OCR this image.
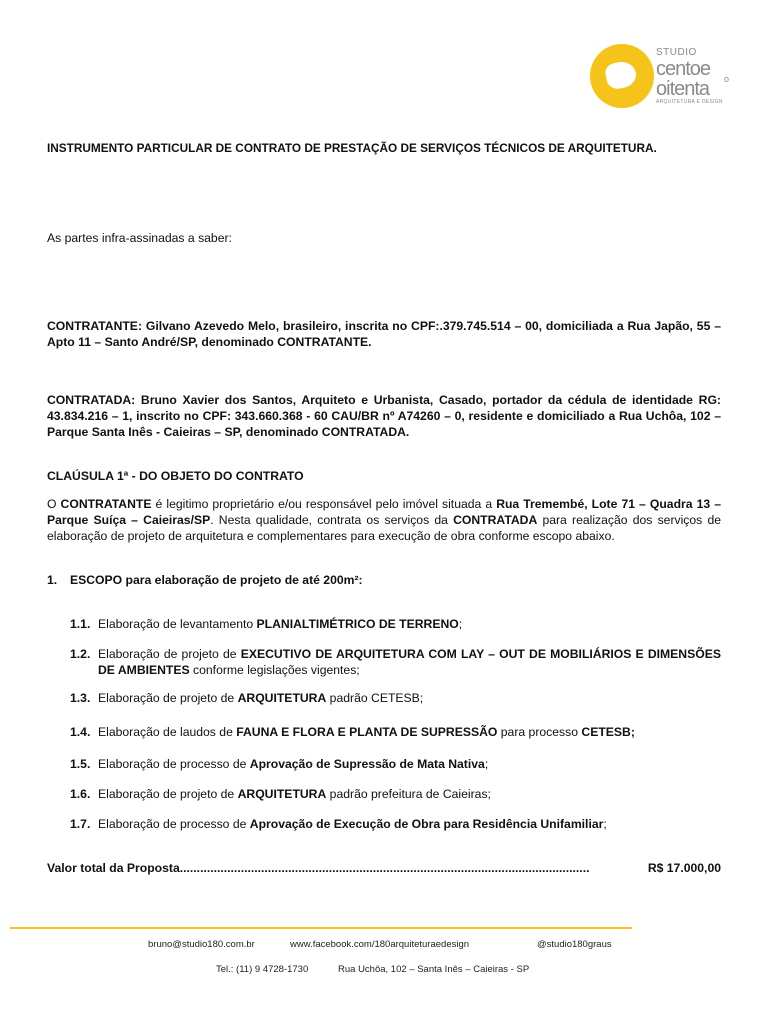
STUDIO
centoe
oitenta
ARQUITETURA E DESIGN
o
INSTRUMENTO PARTICULAR DE CONTRATO DE PRESTAÇÃO DE SERVIÇOS TÉCNICOS DE ARQUITETURA.
As partes infra-assinadas a saber:

CONTRATANTE: Gilvano Azevedo Melo, brasileiro, inscrita no CPF:.379.745.514 – 00, domiciliada a Rua Japão, 55 – Apto 11 – Santo André/SP, denominado CONTRATANTE.

CONTRATADA: Bruno Xavier dos Santos, Arquiteto e Urbanista, Casado, portador da cédula de identidade RG: 43.834.216 – 1, inscrito no CPF: 343.660.368 - 60 CAU/BR nº A74260 – 0, residente e domiciliado a Rua Uchôa, 102 – Parque Santa Inês - Caieiras – SP, denominado CONTRATADA.

CLAÚSULA 1ª - DO OBJETO DO CONTRATO

O CONTRATANTE é legitimo proprietário e/ou responsável pelo imóvel situada a Rua Tremembé, Lote 71 – Quadra 13 – Parque Suíça – Caieiras/SP. Nesta qualidade, contrata os serviços da CONTRATADA para realização dos serviços de elaboração de projeto de arquitetura e complementares para execução de obra conforme escopo abaixo.

1. ESCOPO para elaboração de projeto de até 200m²:
1.1. Elaboração de levantamento PLANIALTIMÉTRICO DE TERRENO;
1.2. Elaboração de projeto de EXECUTIVO DE ARQUITETURA COM LAY – OUT DE MOBILIÁRIOS E DIMENSÕES DE AMBIENTES conforme legislações vigentes;
1.3. Elaboração de projeto de ARQUITETURA padrão CETESB;
1.4. Elaboração de laudos de FAUNA E FLORA E PLANTA DE SUPRESSÃO para processo CETESB;
1.5. Elaboração de processo de Aprovação de Supressão de Mata Nativa;
1.6. Elaboração de projeto de ARQUITETURA padrão prefeitura de Caieiras;
1.7. Elaboração de processo de Aprovação de Execução de Obra para Residência Unifamiliar;
Valor total da Proposta.........................................................................................................................	R$ 17.000,00
bruno@studio180.com.br	www.facebook.com/180arquiteturaedesign	@studio180graus
Tel.: (11) 9 4728-1730	Rua Uchôa, 102 – Santa Inês – Caieiras - SP
